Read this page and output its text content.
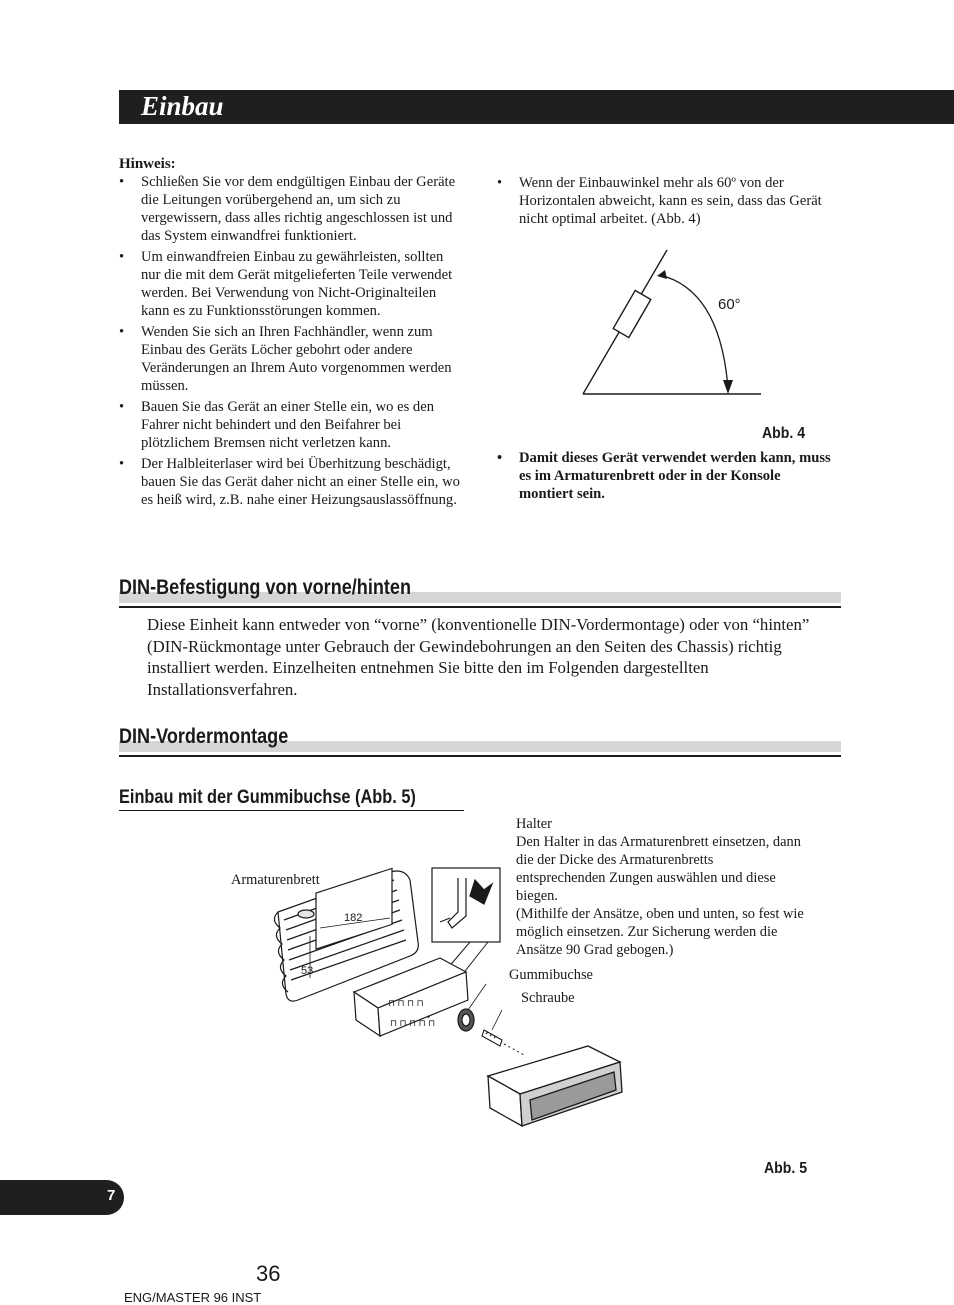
Einbau
Hinweis:
• Schließen Sie vor dem endgültigen Einbau der Geräte die Leitungen vorübergehend an, um sich zu vergewissern, dass alles richtig angeschlossen ist und das System einwandfrei funktioniert.
• Um einwandfreien Einbau zu gewährleisten, sollten nur die mit dem Gerät mitgelieferten Teile verwendet werden. Bei Verwendung von Nicht-Originalteilen kann es zu Funktionsstörungen kommen.
• Wenden Sie sich an Ihren Fachhändler, wenn zum Einbau des Geräts Löcher gebohrt oder andere Veränderungen an Ihrem Auto vorgenommen werden müssen.
• Bauen Sie das Gerät an einer Stelle ein, wo es den Fahrer nicht behindert und den Beifahrer bei plötzlichem Bremsen nicht verletzen kann.
• Der Halbleiterlaser wird bei Überhitzung beschädigt, bauen Sie das Gerät daher nicht an einer Stelle ein, wo es heiß wird, z.B. nahe einer Heizungsauslassöffnung.
• Wenn der Einbauwinkel mehr als 60º von der Horizontalen abweicht, kann es sein, dass das Gerät nicht optimal arbeitet. (Abb. 4)
60°
Abb. 4
• Damit dieses Gerät verwendet werden kann, muss es im Armaturenbrett oder in der Konsole montiert sein.
DIN-Befestigung von vorne/hinten
Diese Einheit kann entweder von “vorne” (konventionelle DIN-Vordermontage) oder von “hinten” (DIN-Rückmontage unter Gebrauch der Gewindebohrungen an den Seiten des Chassis) richtig installiert werden. Einzelheiten entnehmen Sie bitte den im Folgenden dargestellten Installationsverfahren.
DIN-Vordermontage
Einbau mit der Gummibuchse (Abb. 5)
Armaturenbrett
Halter
Den Halter in das Armaturenbrett einsetzen, dann die der Dicke des Armaturenbretts entsprechenden Zungen auswählen und diese biegen.
(Mithilfe der Ansätze, oben und unten, so fest wie möglich einsetzen. Zur Sicherung werden die Ansätze 90 Grad gebogen.)
Gummibuchse
Schraube
182
53
⊓ ⊓ ⊓ ⊓
⊓ ⊓ ⊓ ⊓ ⊓
Abb. 5
7
36
ENG/MASTER 96 INST
